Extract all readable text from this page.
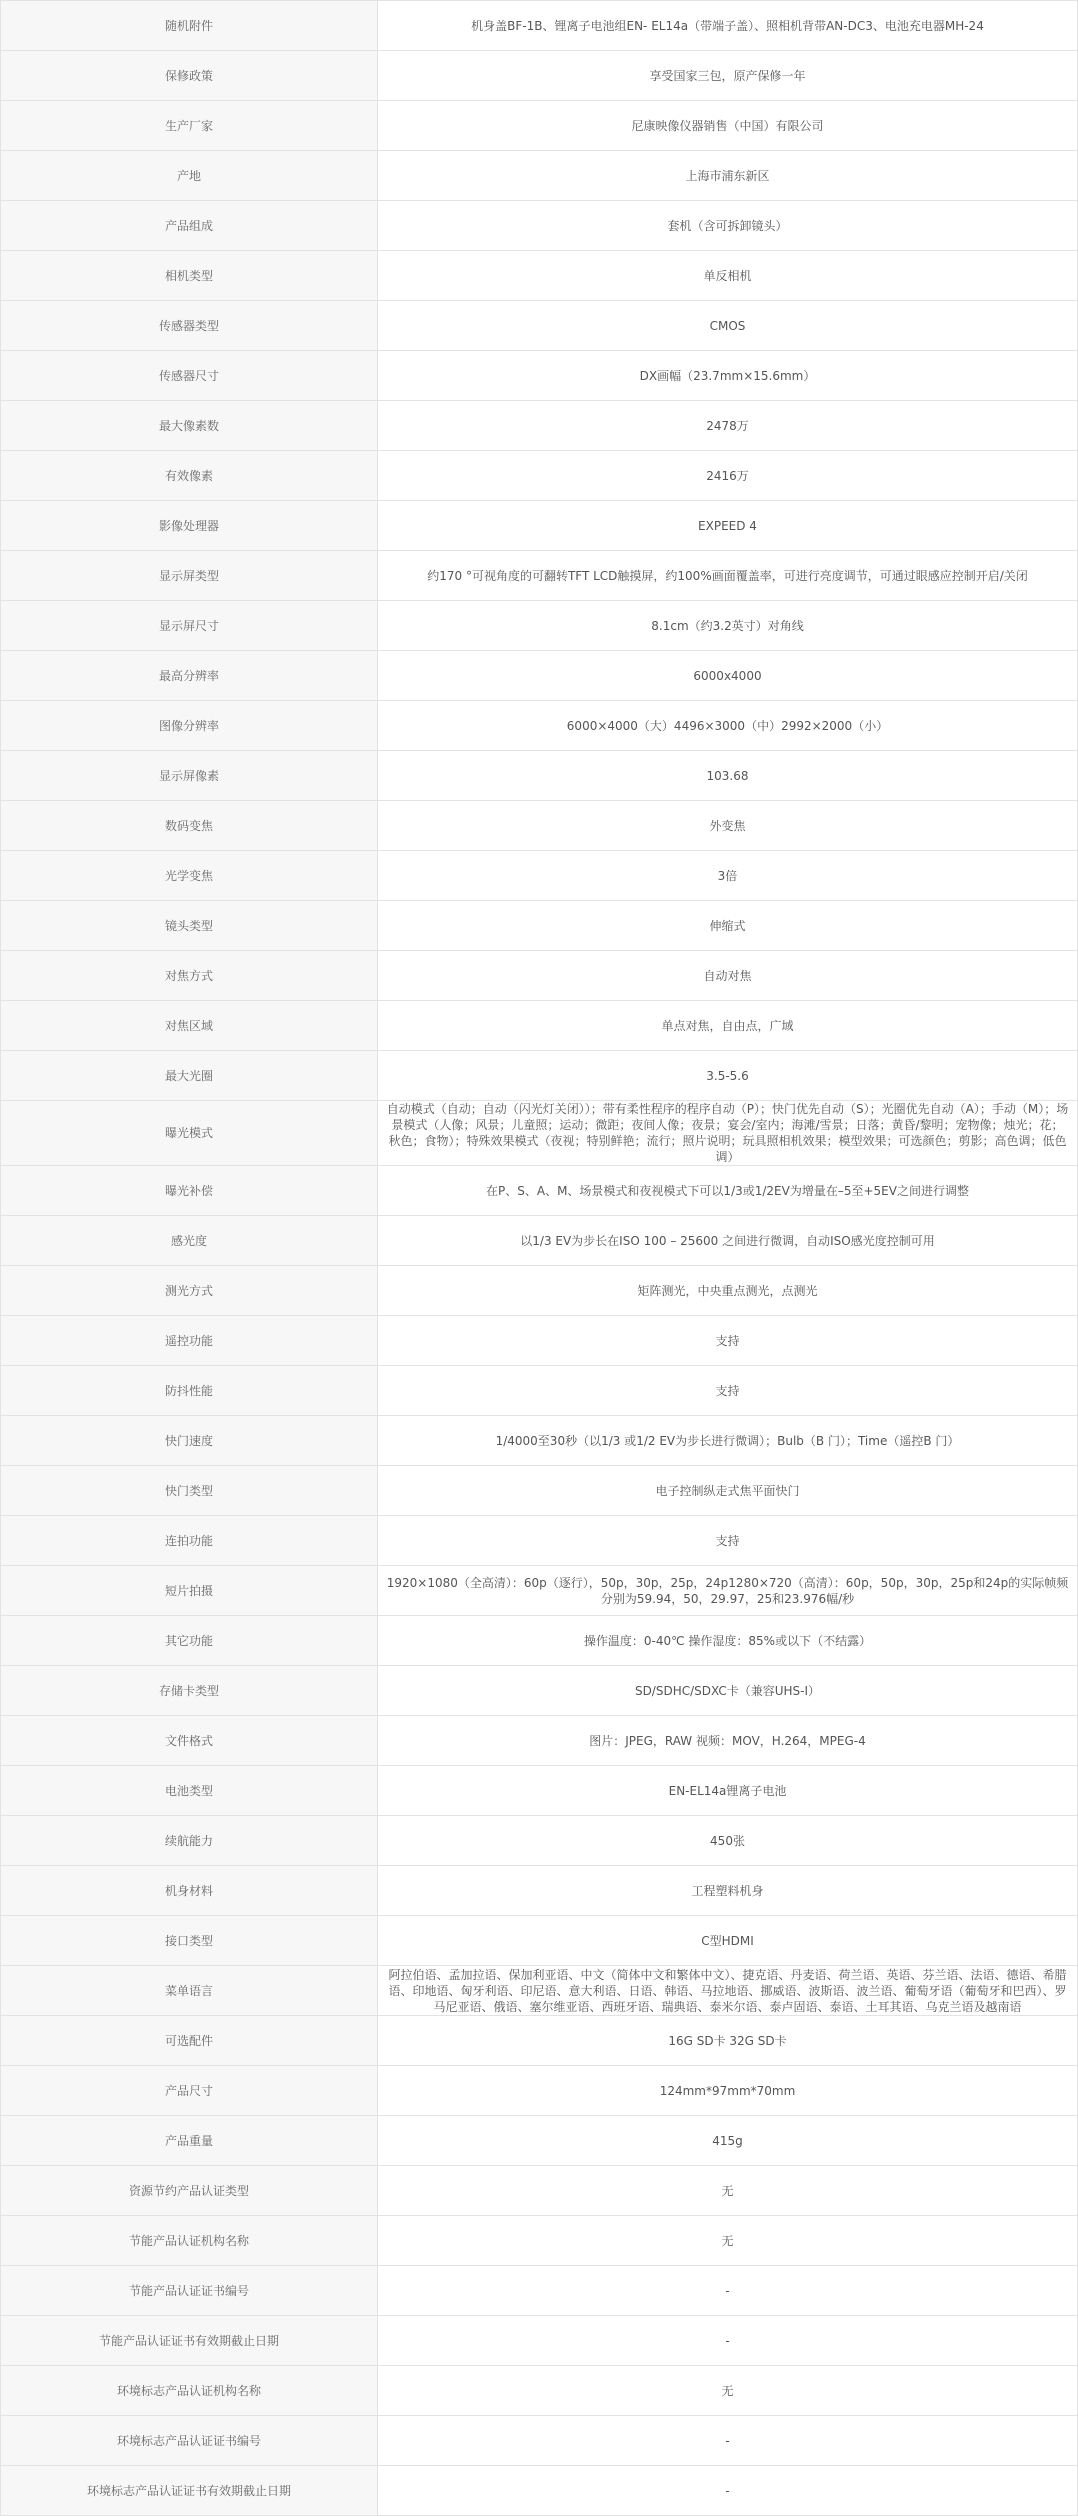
随机附件	机身盖BF-1B、锂离子电池组EN- EL14a（带端子盖）、照相机背带AN-DC3、电池充电器MH-24
保修政策	享受国家三包，原产保修一年
生产厂家	尼康映像仪器销售（中国）有限公司
产地	上海市浦东新区
产品组成	套机（含可拆卸镜头）
相机类型	单反相机
传感器类型	CMOS
传感器尺寸	DX画幅（23.7mm×15.6mm）
最大像素数	2478万
有效像素	2416万
影像处理器	EXPEED 4
显示屏类型	约170 °可视角度的可翻转TFT LCD触摸屏，约100%画面覆盖率，可进行亮度调节，可通过眼感应控制开启/关闭
显示屏尺寸	8.1cm（约3.2英寸）对角线
最高分辨率	6000x4000
图像分辨率	6000×4000（大）4496×3000（中）2992×2000（小）
显示屏像素	103.68
数码变焦	外变焦
光学变焦	3倍
镜头类型	伸缩式
对焦方式	自动对焦
对焦区域	单点对焦，自由点，广域
最大光圈	3.5-5.6
曝光模式	自动模式（自动；自动（闪光灯关闭））；带有柔性程序的程序自动（P）；快门优先自动（S）；光圈优先自动（A）；手动（M）；场景模式（人像；风景；儿童照；运动；微距；夜间人像；夜景；宴会/室内；海滩/雪景；日落；黄昏/黎明；宠物像；烛光；花；秋色；食物）；特殊效果模式（夜视；特别鲜艳；流行；照片说明；玩具照相机效果；模型效果；可选颜色；剪影；高色调；低色调）
曝光补偿	在P、S、A、M、场景模式和夜视模式下可以1/3或1/2EV为增量在–5至+5EV之间进行调整
感光度	以1/3 EV为步长在ISO 100 – 25600 之间进行微调，自动ISO感光度控制可用
测光方式	矩阵测光，中央重点测光，点测光
遥控功能	支持
防抖性能	支持
快门速度	1/4000至30秒（以1/3 或1/2 EV为步长进行微调）；Bulb（B 门）；Time（遥控B 门）
快门类型	电子控制纵走式焦平面快门
连拍功能	支持
短片拍摄	1920×1080（全高清）：60p（逐行），50p，30p，25p，24p1280×720（高清）：60p，50p，30p，25p和24p的实际帧频分别为59.94，50，29.97，25和23.976幅/秒
其它功能	操作温度：0-40℃ 操作湿度：85%或以下（不结露）
存储卡类型	SD/SDHC/SDXC卡（兼容UHS-I）
文件格式	图片：JPEG，RAW 视频：MOV，H.264，MPEG-4
电池类型	EN-EL14a锂离子电池
续航能力	450张
机身材料	工程塑料机身
接口类型	C型HDMI
菜单语言	阿拉伯语、孟加拉语、保加利亚语、中文（简体中文和繁体中文）、捷克语、丹麦语、荷兰语、英语、芬兰语、法语、德语、希腊语、印地语、匈牙利语、印尼语、意大利语、日语、韩语、马拉地语、挪威语、波斯语、波兰语、葡萄牙语（葡萄牙和巴西）、罗马尼亚语、俄语、塞尔维亚语、西班牙语、瑞典语、泰米尔语、泰卢固语、泰语、土耳其语、乌克兰语及越南语
可选配件	16G SD卡 32G SD卡
产品尺寸	124mm*97mm*70mm
产品重量	415g
资源节约产品认证类型	无
节能产品认证机构名称	无
节能产品认证证书编号	-
节能产品认证证书有效期截止日期	-
环境标志产品认证机构名称	无
环境标志产品认证证书编号	-
环境标志产品认证证书有效期截止日期	-
